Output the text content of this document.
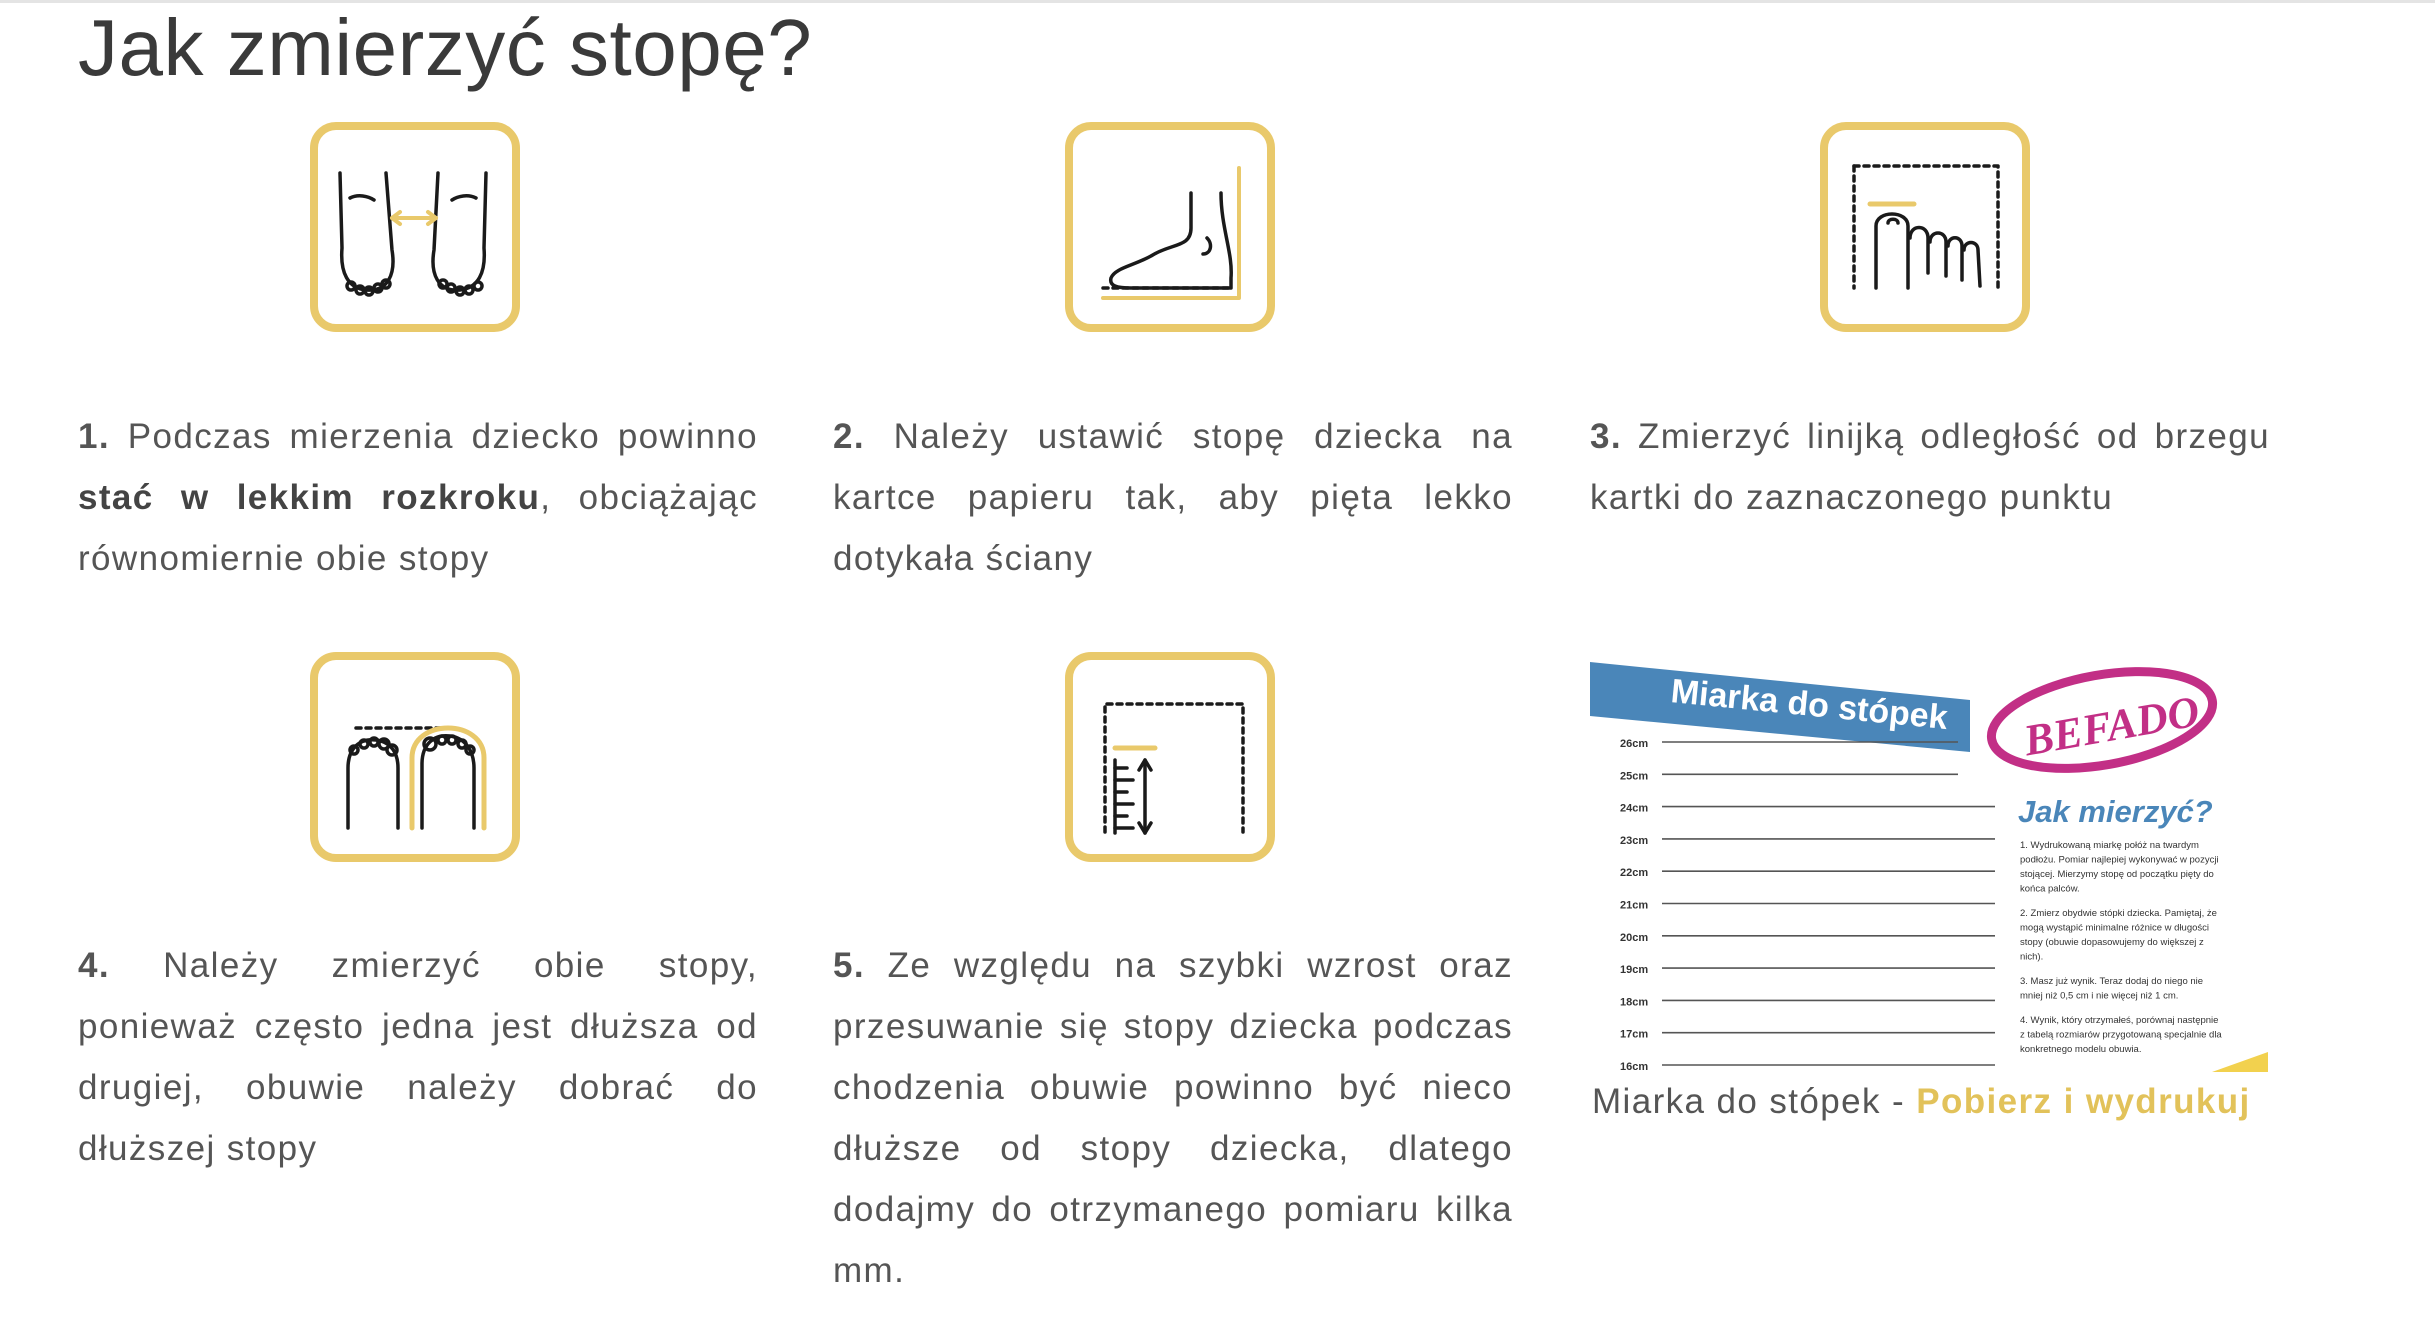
Jak zmierzyć stopę?

1. Podczas mierzenia dziecko powinno stać w lekkim rozkroku, obciążając równomiernie obie stopy

2. Należy ustawić stopę dziecka na kartce papieru tak, aby pięta lekko dotykała ściany

3. Zmierzyć linijką odległość od brzegu kartki do zaznaczonego punktu

4. Należy zmierzyć obie stopy, ponieważ często jedna jest dłuższa od drugiej, obuwie należy dobrać do dłuższej stopy

5. Ze względu na szybki wzrost oraz przesuwanie się stopy dziecka podczas chodzenia obuwie powinno być nieco dłuższe od stopy dziecka, dlatego dodajmy do otrzymanego pomiaru kilka mm.

Miarka do stópek BEFADO
26cm
25cm
24cm
23cm
22cm
21cm
20cm
19cm
18cm
17cm
16cm
Jak mierzyć?
1. Wydrukowaną miarkę połóż na twardym
podłożu. Pomiar najlepiej wykonywać w pozycji
stojącej. Mierzymy stopę od początku pięty do
końca palców.
2. Zmierz obydwie stópki dziecka. Pamiętaj, że
mogą wystąpić minimalne różnice w długości
stopy (obuwie dopasowujemy do większej z
nich).
3. Masz już wynik. Teraz dodaj do niego nie
mniej niż 0,5 cm i nie więcej niż 1 cm.
4. Wynik, który otrzymałeś, porównaj następnie
z tabelą rozmiarów przygotowaną specjalnie dla
konkretnego modelu obuwia.

Miarka do stópek - Pobierz i wydrukuj
